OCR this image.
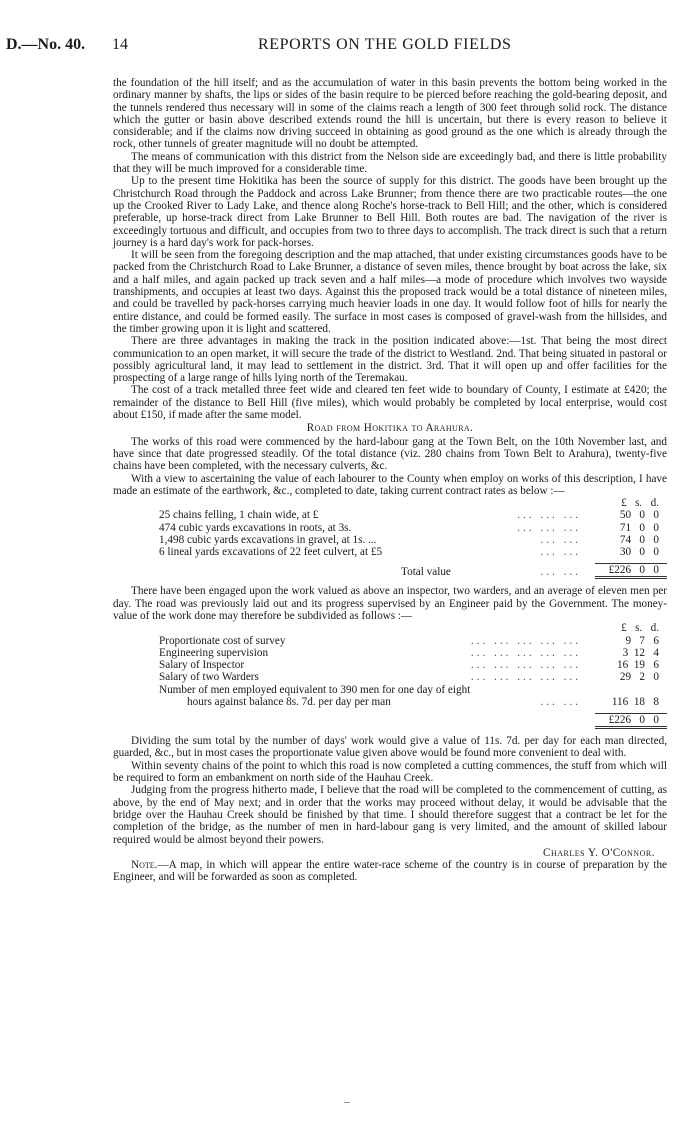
D.—No. 40. 14	REPORTS ON THE GOLD FIELDS

the foundation of the hill itself; and as the accumulation of water in this basin prevents the bottom being worked in the ordinary manner by shafts, the lips or sides of the basin require to be pierced before reaching the gold-bearing deposit, and the tunnels rendered thus necessary will in some of the claims reach a length of 300 feet through solid rock. The distance which the gutter or basin above described extends round the hill is uncertain, but there is every reason to believe it considerable; and if the claims now driving succeed in obtaining as good ground as the one which is already through the rock, other tunnels of greater magnitude will no doubt be attempted.

The means of communication with this district from the Nelson side are exceedingly bad, and there is little probability that they will be much improved for a considerable time.

Up to the present time Hokitika has been the source of supply for this district. The goods have been brought up the Christchurch Road through the Paddock and across Lake Brunner; from thence there are two practicable routes—the one up the Crooked River to Lady Lake, and thence along Roche's horse-track to Bell Hill; and the other, which is considered preferable, up horse-track direct from Lake Brunner to Bell Hill. Both routes are bad. The navigation of the river is exceedingly tortuous and difficult, and occupies from two to three days to accomplish. The track direct is such that a return journey is a hard day's work for pack-horses.

It will be seen from the foregoing description and the map attached, that under existing circumstances goods have to be packed from the Christchurch Road to Lake Brunner, a distance of seven miles, thence brought by boat across the lake, six and a half miles, and again packed up track seven and a half miles—a mode of procedure which involves two wayside transhipments, and occupies at least two days. Against this the proposed track would be a total distance of nineteen miles, and could be travelled by pack-horses carrying much heavier loads in one day. It would follow foot of hills for nearly the entire distance, and could be formed easily. The surface in most cases is composed of gravel-wash from the hillsides, and the timber growing upon it is light and scattered.

There are three advantages in making the track in the position indicated above:—1st. That being the most direct communication to an open market, it will secure the trade of the district to Westland. 2nd. That being situated in pastoral or possibly agricultural land, it may lead to settlement in the district. 3rd. That it will open up and offer facilities for the prospecting of a large range of hills lying north of the Teremakau.

The cost of a track metalled three feet wide and cleared ten feet wide to boundary of County, I estimate at £420; the remainder of the distance to Bell Hill (five miles), which would probably be completed by local enterprise, would cost about £150, if made after the same model.

Road from Hokitika to Arahura.

The works of this road were commenced by the hard-labour gang at the Town Belt, on the 10th November last, and have since that date progressed steadily. Of the total distance (viz. 280 chains from Town Belt to Arahura), twenty-five chains have been completed, with the necessary culverts, &c.

With a view to ascertaining the value of each labourer to the County when employ on works of this description, I have made an estimate of the earthwork, &c., completed to date, taking current contract rates as below :—

		£   s.   d.
25 chains felling, 1 chain wide, at £	... ... ...	50   0   0
474 cubic yards excavations in roots, at 3s.	... ... ...	71   0   0
1,498 cubic yards excavations in gravel, at 1s. ...	... ...	74   0   0
6 lineal yards excavations of 22 feet culvert, at £5	... ...	30   0   0

Total value	... ...	£226   0   0

There have been engaged upon the work valued as above an inspector, two warders, and an average of eleven men per day. The road was previously laid out and its progress supervised by an Engineer paid by the Government. The money-value of the work done may therefore be subdivided as follows :—

		£   s.   d.
Proportionate cost of survey	... ... ... ... ...	9   7   6
Engineering supervision	... ... ... ... ...	3  12   4
Salary of Inspector	... ... ... ... ...	16  19   6
Salary of two Warders	... ... ... ... ...	29   2   0
Number of men employed equivalent to 390 men for one day of eight		
hours against balance 8s. 7d. per day per man	... ...	116  18   8

		£226   0   0

Dividing the sum total by the number of days' work would give a value of 11s. 7d. per day for each man directed, guarded, &c., but in most cases the proportionate value given above would be found more convenient to deal with.

Within seventy chains of the point to which this road is now completed a cutting commences, the stuff from which will be required to form an embankment on north side of the Hauhau Creek.

Judging from the progress hitherto made, I believe that the road will be completed to the commencement of cutting, as above, by the end of May next; and in order that the works may proceed without delay, it would be advisable that the bridge over the Hauhau Creek should be finished by that time. I should therefore suggest that a contract be let for the completion of the bridge, as the number of men in hard-labour gang is very limited, and the amount of skilled labour required would be almost beyond their powers.

Charles Y. O'Connor.

Note.—A map, in which will appear the entire water-race scheme of the country is in course of preparation by the Engineer, and will be forwarded as soon as completed.
